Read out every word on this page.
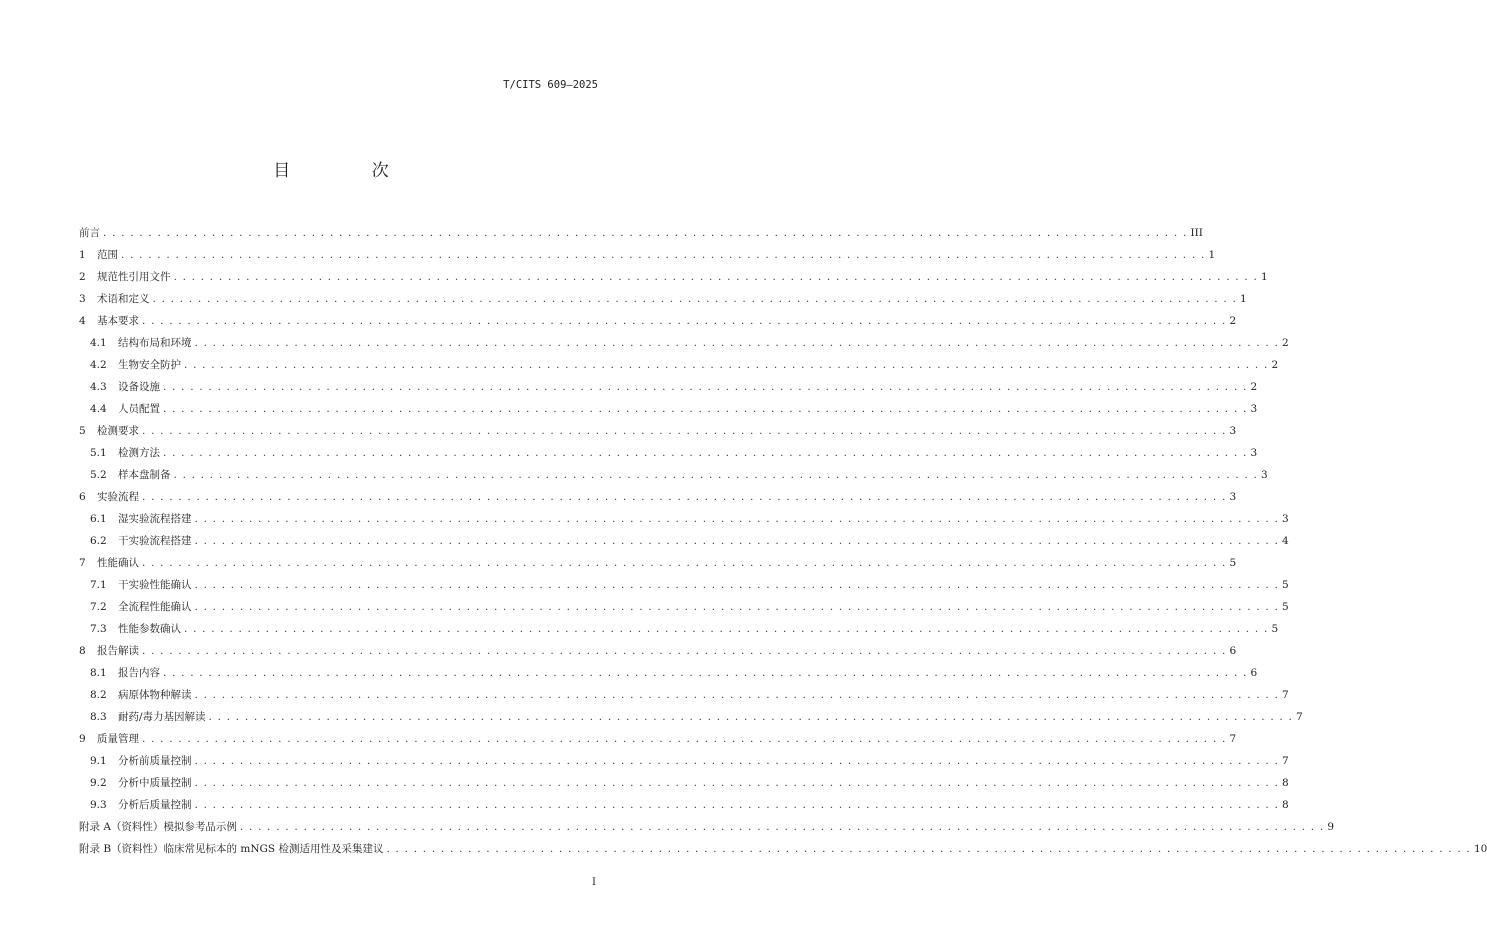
T/CITS 609—2025
目 次
前言 . . . . . . . . . . . . . . . . . . . . . . . . . . . . . . . . . . . . . . . . . . . . . . . . . . . . . . . . . . . . . . . . . . . . . . . . . . . . . . . . . . . . . . . . . . . . . . . . . . . . . . . . . . . . . . . . . . . . . . . . III
1	范围 . . . . . . . . . . . . . . . . . . . . . . . . . . . . . . . . . . . . . . . . . . . . . . . . . . . . . . . . . . . . . . . . . . . . . . . . . . . . . . . . . . . . . . . . . . . . . . . . . . . . . . . . . . . . . . . . . . . . . . . . 1
2	规范性引用文件 . . . . . . . . . . . . . . . . . . . . . . . . . . . . . . . . . . . . . . . . . . . . . . . . . . . . . . . . . . . . . . . . . . . . . . . . . . . . . . . . . . . . . . . . . . . . . . . . . . . . . . . . . . . . . . . . . . . . . . . . 1
3	术语和定义 . . . . . . . . . . . . . . . . . . . . . . . . . . . . . . . . . . . . . . . . . . . . . . . . . . . . . . . . . . . . . . . . . . . . . . . . . . . . . . . . . . . . . . . . . . . . . . . . . . . . . . . . . . . . . . . . . . . . . . . . 1
4	基本要求 . . . . . . . . . . . . . . . . . . . . . . . . . . . . . . . . . . . . . . . . . . . . . . . . . . . . . . . . . . . . . . . . . . . . . . . . . . . . . . . . . . . . . . . . . . . . . . . . . . . . . . . . . . . . . . . . . . . . . . . . 2
4.1	结构布局和环境 . . . . . . . . . . . . . . . . . . . . . . . . . . . . . . . . . . . . . . . . . . . . . . . . . . . . . . . . . . . . . . . . . . . . . . . . . . . . . . . . . . . . . . . . . . . . . . . . . . . . . . . . . . . . . . . . . . . . . . . . 2
4.2	生物安全防护 . . . . . . . . . . . . . . . . . . . . . . . . . . . . . . . . . . . . . . . . . . . . . . . . . . . . . . . . . . . . . . . . . . . . . . . . . . . . . . . . . . . . . . . . . . . . . . . . . . . . . . . . . . . . . . . . . . . . . . . . 2
4.3	设备设施 . . . . . . . . . . . . . . . . . . . . . . . . . . . . . . . . . . . . . . . . . . . . . . . . . . . . . . . . . . . . . . . . . . . . . . . . . . . . . . . . . . . . . . . . . . . . . . . . . . . . . . . . . . . . . . . . . . . . . . . . 2
4.4	人员配置 . . . . . . . . . . . . . . . . . . . . . . . . . . . . . . . . . . . . . . . . . . . . . . . . . . . . . . . . . . . . . . . . . . . . . . . . . . . . . . . . . . . . . . . . . . . . . . . . . . . . . . . . . . . . . . . . . . . . . . . . 3
5	检测要求 . . . . . . . . . . . . . . . . . . . . . . . . . . . . . . . . . . . . . . . . . . . . . . . . . . . . . . . . . . . . . . . . . . . . . . . . . . . . . . . . . . . . . . . . . . . . . . . . . . . . . . . . . . . . . . . . . . . . . . . . 3
5.1	检测方法 . . . . . . . . . . . . . . . . . . . . . . . . . . . . . . . . . . . . . . . . . . . . . . . . . . . . . . . . . . . . . . . . . . . . . . . . . . . . . . . . . . . . . . . . . . . . . . . . . . . . . . . . . . . . . . . . . . . . . . . . 3
5.2	样本盘制备 . . . . . . . . . . . . . . . . . . . . . . . . . . . . . . . . . . . . . . . . . . . . . . . . . . . . . . . . . . . . . . . . . . . . . . . . . . . . . . . . . . . . . . . . . . . . . . . . . . . . . . . . . . . . . . . . . . . . . . . . 3
6	实验流程 . . . . . . . . . . . . . . . . . . . . . . . . . . . . . . . . . . . . . . . . . . . . . . . . . . . . . . . . . . . . . . . . . . . . . . . . . . . . . . . . . . . . . . . . . . . . . . . . . . . . . . . . . . . . . . . . . . . . . . . . 3
6.1	湿实验流程搭建 . . . . . . . . . . . . . . . . . . . . . . . . . . . . . . . . . . . . . . . . . . . . . . . . . . . . . . . . . . . . . . . . . . . . . . . . . . . . . . . . . . . . . . . . . . . . . . . . . . . . . . . . . . . . . . . . . . . . . . . . 3
6.2	干实验流程搭建 . . . . . . . . . . . . . . . . . . . . . . . . . . . . . . . . . . . . . . . . . . . . . . . . . . . . . . . . . . . . . . . . . . . . . . . . . . . . . . . . . . . . . . . . . . . . . . . . . . . . . . . . . . . . . . . . . . . . . . . . 4
7	性能确认 . . . . . . . . . . . . . . . . . . . . . . . . . . . . . . . . . . . . . . . . . . . . . . . . . . . . . . . . . . . . . . . . . . . . . . . . . . . . . . . . . . . . . . . . . . . . . . . . . . . . . . . . . . . . . . . . . . . . . . . . 5
7.1	干实验性能确认 . . . . . . . . . . . . . . . . . . . . . . . . . . . . . . . . . . . . . . . . . . . . . . . . . . . . . . . . . . . . . . . . . . . . . . . . . . . . . . . . . . . . . . . . . . . . . . . . . . . . . . . . . . . . . . . . . . . . . . . . 5
7.2	全流程性能确认 . . . . . . . . . . . . . . . . . . . . . . . . . . . . . . . . . . . . . . . . . . . . . . . . . . . . . . . . . . . . . . . . . . . . . . . . . . . . . . . . . . . . . . . . . . . . . . . . . . . . . . . . . . . . . . . . . . . . . . . . 5
7.3	性能参数确认 . . . . . . . . . . . . . . . . . . . . . . . . . . . . . . . . . . . . . . . . . . . . . . . . . . . . . . . . . . . . . . . . . . . . . . . . . . . . . . . . . . . . . . . . . . . . . . . . . . . . . . . . . . . . . . . . . . . . . . . . 5
8	报告解读 . . . . . . . . . . . . . . . . . . . . . . . . . . . . . . . . . . . . . . . . . . . . . . . . . . . . . . . . . . . . . . . . . . . . . . . . . . . . . . . . . . . . . . . . . . . . . . . . . . . . . . . . . . . . . . . . . . . . . . . . 6
8.1	报告内容 . . . . . . . . . . . . . . . . . . . . . . . . . . . . . . . . . . . . . . . . . . . . . . . . . . . . . . . . . . . . . . . . . . . . . . . . . . . . . . . . . . . . . . . . . . . . . . . . . . . . . . . . . . . . . . . . . . . . . . . . 6
8.2	病原体物种解读 . . . . . . . . . . . . . . . . . . . . . . . . . . . . . . . . . . . . . . . . . . . . . . . . . . . . . . . . . . . . . . . . . . . . . . . . . . . . . . . . . . . . . . . . . . . . . . . . . . . . . . . . . . . . . . . . . . . . . . . . 7
8.3	耐药/毒力基因解读 . . . . . . . . . . . . . . . . . . . . . . . . . . . . . . . . . . . . . . . . . . . . . . . . . . . . . . . . . . . . . . . . . . . . . . . . . . . . . . . . . . . . . . . . . . . . . . . . . . . . . . . . . . . . . . . . . . . . . . . . 7
9	质量管理 . . . . . . . . . . . . . . . . . . . . . . . . . . . . . . . . . . . . . . . . . . . . . . . . . . . . . . . . . . . . . . . . . . . . . . . . . . . . . . . . . . . . . . . . . . . . . . . . . . . . . . . . . . . . . . . . . . . . . . . . 7
9.1	分析前质量控制 . . . . . . . . . . . . . . . . . . . . . . . . . . . . . . . . . . . . . . . . . . . . . . . . . . . . . . . . . . . . . . . . . . . . . . . . . . . . . . . . . . . . . . . . . . . . . . . . . . . . . . . . . . . . . . . . . . . . . . . . 7
9.2	分析中质量控制 . . . . . . . . . . . . . . . . . . . . . . . . . . . . . . . . . . . . . . . . . . . . . . . . . . . . . . . . . . . . . . . . . . . . . . . . . . . . . . . . . . . . . . . . . . . . . . . . . . . . . . . . . . . . . . . . . . . . . . . . 8
9.3	分析后质量控制 . . . . . . . . . . . . . . . . . . . . . . . . . . . . . . . . . . . . . . . . . . . . . . . . . . . . . . . . . . . . . . . . . . . . . . . . . . . . . . . . . . . . . . . . . . . . . . . . . . . . . . . . . . . . . . . . . . . . . . . . 8
附录 A（资料性） 模拟参考品示例 . . . . . . . . . . . . . . . . . . . . . . . . . . . . . . . . . . . . . . . . . . . . . . . . . . . . . . . . . . . . . . . . . . . . . . . . . . . . . . . . . . . . . . . . . . . . . . . . . . . . . . . . . . . . . . . . . . . . . . . . 9
附录 B（资料性） 临床常见标本的 mNGS 检测适用性及采集建议 . . . . . . . . . . . . . . . . . . . . . . . . . . . . . . . . . . . . . . . . . . . . . . . . . . . . . . . . . . . . . . . . . . . . . . . . . . . . . . . . . . . . . . . . . . . . . . . . . . . . . . . . . . . . . . . . . . . . . . . . 10
I
